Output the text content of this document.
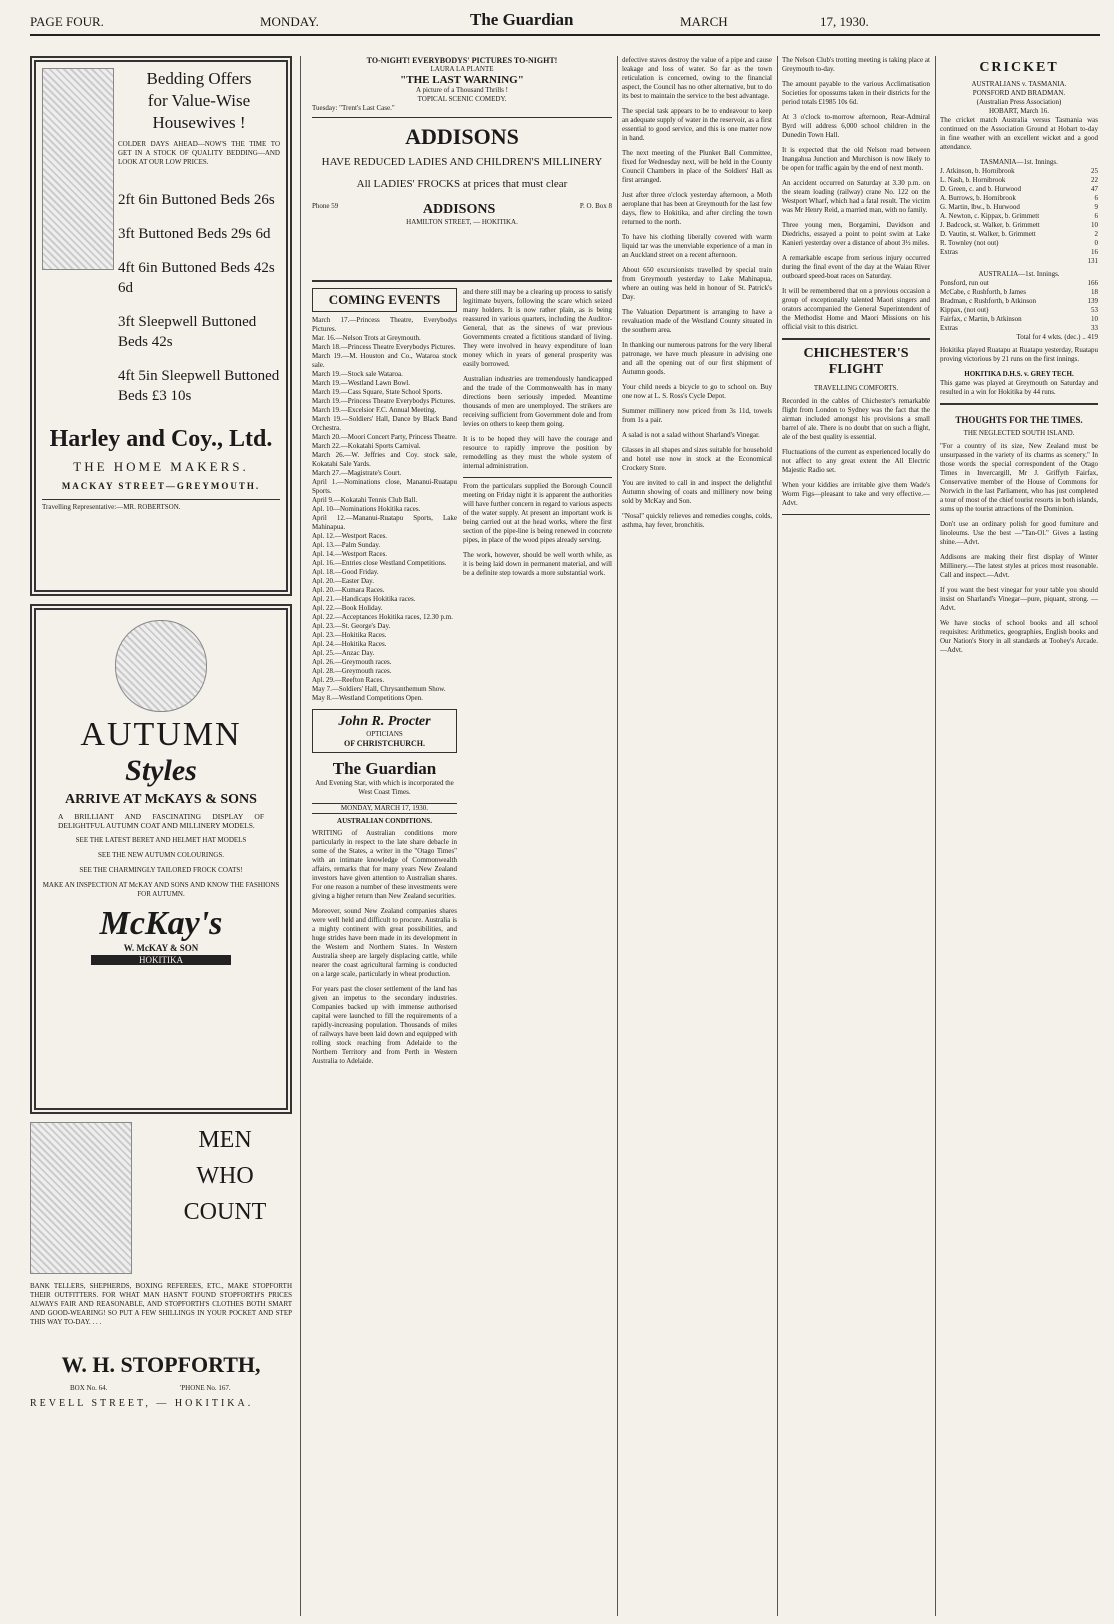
PAGE FOUR.	MONDAY.	The Guardian	MARCH	17, 1930.
Bedding Offers
for Value-Wise
Housewives !

COLDER DAYS AHEAD—NOW'S THE TIME TO GET IN A STOCK OF QUALITY BEDDING—AND LOOK AT OUR LOW PRICES.

2ft 6in Buttoned Beds 26s
3ft Buttoned Beds 29s 6d
4ft 6in Buttoned Beds 42s 6d
3ft Sleepwell Buttoned Beds 42s
4ft 5in Sleepwell Buttoned Beds £3 10s
Harley and Coy., Ltd.
THE HOME MAKERS.
MACKAY STREET—GREYMOUTH.
Travelling Representative:—MR. ROBERTSON.
AUTUMN
Styles
ARRIVE AT McKAYS & SONS

A BRILLIANT AND FASCINATING DISPLAY OF DELIGHTFUL AUTUMN COAT AND MILLINERY MODELS.

SEE THE LATEST BERET AND HELMET HAT MODELS

SEE THE NEW AUTUMN COLOURINGS.

SEE THE CHARMINGLY TAILORED FROCK COATS!

MAKE AN INSPECTION AT McKAY AND SONS AND KNOW THE FASHIONS FOR AUTUMN.

McKay's
W. McKAY & SON
HOKITIKA
MEN
WHO
COUNT

BANK TELLERS, SHEPHERDS, BOXING REFEREES, ETC., MAKE STOPFORTH THEIR OUTFITTERS. FOR WHAT MAN HASN'T FOUND STOPFORTH'S PRICES ALWAYS FAIR AND REASONABLE, AND STOPFORTH'S CLOTHES BOTH SMART AND GOOD-WEARING! SO PUT A FEW SHILLINGS IN YOUR POCKET AND STEP THIS WAY TO-DAY. . . .

W. H. STOPFORTH,
BOX No. 64.	'PHONE No. 167.
REVELL STREET, — HOKITIKA.
TO-NIGHT! EVERYBODYS' PICTURES TO-NIGHT!
LAURA LA PLANTE
"THE LAST WARNING"
A picture of a Thousand Thrills !
TOPICAL SCENIC COMEDY.
Tuesday: "Trent's Last Case."
ADDISONS
HAVE REDUCED LADIES AND CHILDREN'S MILLINERY
All LADIES' FROCKS at prices that must clear
Phone 59	ADDISONS	P. O. Box 8
HAMILTON STREET, — HOKITIKA.
COMING EVENTS

March 17.—Princess Theatre, Everybodys Pictures.

Mar. 16.—Nelson Trots at Greymouth.

March 18.—Princess Theatre Everybodys Pictures.

March 19.—M. Houston and Co., Wataroa stock sale.

March 19.—Stock sale Wataroa.

March 19.—Westland Lawn Bowl.

March 19.—Cass Square, State School Sports.

March 19.—Princess Theatre Everybodys Pictures.

March 19.—Excelsior F.C. Annual Meeting.

March 19.—Soldiers' Hall, Dance by Black Band Orchestra.

March 20.—Moori Concert Party, Princess Theatre.

March 22.—Kokatahi Sports Carnival.

March 26.—W. Jeffries and Coy. stock sale, Kokatahi Sale Yards.

March 27.—Magistrate's Court.

April 1.—Nominations close, Mananui-Ruatapu Sports.

April 9.—Kokatahi Tennis Club Ball.

Apl. 10—Nominations Hokitika races.

April 12.—Mananui-Ruatapu Sports, Lake Mahinapua.

Apl. 12.—Westport Races.

Apl. 13.—Palm Sunday.

Apl. 14.—Westport Races.

Apl. 16.—Entries close Westland Competitions.

Apl. 18.—Good Friday.

Apl. 20.—Easter Day.

Apl. 20.—Kumara Races.

Apl. 21.—Handicaps Hokitika races.

Apl. 22.—Book Holiday.

Apl. 22.—Acceptances Hokitika races, 12.30 p.m.

Apl. 23.—St. George's Day.

Apl. 23.—Hokitika Races.

Apl. 24.—Hokitika Races.

Apl. 25.—Anzac Day.

Apl. 26.—Greymouth races.

Apl. 28.—Greymouth races.

Apl. 29.—Reefton Races.

May 7.—Soldiers' Hall, Chrysanthemum Show.

May 8.—Westland Competitions Open.

John R. Procter
OPTICIANS
OF CHRISTCHURCH.
The Guardian

And Evening Star, with which is incorporated the West Coast Times.

MONDAY, MARCH 17, 1930.
AUSTRALIAN CONDITIONS.

WRITING of Australian conditions more particularly in respect to the late share debacle in some of the States, a writer in the "Otago Times" with an intimate knowledge of Commonwealth affairs, remarks that for many years New Zealand investors have given attention to Australian shares. For one reason a number of these investments were giving a higher return than New Zealand securities.

Moreover, sound New Zealand companies shares were well held and difficult to procure. Australia is a mighty continent with great possibilities, and huge strides have been made in its development in the Western and Northern States. In Western Australia sheep are largely displacing cattle, while nearer the coast agricultural farming is conducted on a large scale, particularly in wheat production.

For years past the closer settlement of the land has given an impetus to the secondary industries. Companies backed up with immense authorised capital were launched to fill the requirements of a rapidly-increasing population. Thousands of miles of railways have been laid down and equipped with rolling stock reaching from Adelaide to the Northern Territory and from Perth in Western Australia to Adelaide.

and there still may be a clearing up process to satisfy legitimate buyers, following the scare which seized many holders. It is now rather plain, as is being reassured in various quarters, including the Auditor-General, that as the sinews of war previous Governments created a fictitious standard of living. They were involved in heavy expenditure of loan money which in years of general prosperity was easily borrowed.

Australian industries are tremendously handicapped and the trade of the Commonwealth has in many directions been seriously impeded. Meantime thousands of men are unemployed. The strikers are receiving sufficient from Government dole and from levies on others to keep them going.

It is to be hoped they will have the courage and resource to rapidly improve the position by remodelling as they must the whole system of internal administration.

From the particulars supplied the Borough Council meeting on Friday night it is apparent the authorities will have further concern in regard to various aspects of the water supply. At present an important work is being carried out at the head works, where the first section of the pipe-line is being renewed in concrete pipes, in place of the wood pipes already serving.

The work, however, should be well worth while, as it is being laid down in permanent material, and will be a definite step towards a more substantial work.

defective staves destroy the value of a pipe and cause leakage and loss of water. So far as the town reticulation is concerned, owing to the financial aspect, the Council has no other alternative, but to do its best to maintain the service to the best advantage.

The special task appears to be to endeavour to keep an adequate supply of water in the reservoir, as a first essential to good service, and this is one matter now in hand.

The next meeting of the Plunket Ball Committee, fixed for Wednesday next, will be held in the County Council Chambers in place of the Soldiers' Hall as first arranged.

Just after three o'clock yesterday afternoon, a Moth aeroplane that has been at Greymouth for the last few days, flew to Hokitika, and after circling the town returned to the north.

To have his clothing liberally covered with warm liquid tar was the unenviable experience of a man in an Auckland street on a recent afternoon.

About 650 excursionists travelled by special train from Greymouth yesterday to Lake Mahinapua, where an outing was held in honour of St. Patrick's Day.

The Valuation Department is arranging to have a revaluation made of the Westland County situated in the southern area.

In thanking our numerous patrons for the very liberal patronage, we have much pleasure in advising one and all the opening out of our first shipment of Autumn goods.

Your child needs a bicycle to go to school on. Buy one now at L. S. Ross's Cycle Depot.

Summer millinery now priced from 3s 11d, towels from 1s a pair.

A salad is not a salad without Sharland's Vinegar.

Glasses in all shapes and sizes suitable for household and hotel use now in stock at the Economical Crockery Store.

You are invited to call in and inspect the delightful Autumn showing of coats and millinery now being sold by McKay and Son.

"Nosal" quickly relieves and remedies coughs, colds, asthma, hay fever, bronchitis.

The Nelson Club's trotting meeting is taking place at Greymouth to-day.

The amount payable to the various Acclimatisation Societies for opossums taken in their districts for the period totals £1985 10s 6d.

At 3 o'clock to-morrow afternoon, Rear-Admiral Byrd will address 6,000 school children in the Dunedin Town Hall.

It is expected that the old Nelson road between Inangahua Junction and Murchison is now likely to be open for traffic again by the end of next month.

An accident occurred on Saturday at 3.30 p.m. on the steam loading (railway) crane No. 122 on the Westport Wharf, which had a fatal result. The victim was Mr Henry Reid, a married man, with no family.

Three young men, Borgamini, Davidson and Diedrichs, essayed a point to point swim at Lake Kanieri yesterday over a distance of about 3½ miles.

A remarkable escape from serious injury occurred during the final event of the day at the Waiau River outboard speed-boat races on Saturday.

It will be remembered that on a previous occasion a group of exceptionally talented Maori singers and orators accompanied the General Superintendent of the Methodist Home and Maori Missions on his official visit to this district.

CHICHESTER'S FLIGHT
TRAVELLING COMFORTS.

Recorded in the cables of Chichester's remarkable flight from London to Sydney was the fact that the airman included amongst his provisions a small barrel of ale. There is no doubt that on such a flight, ale of the best quality is essential.

Fluctuations of the current as experienced locally do not affect to any great extent the All Electric Majestic Radio set.

When your kiddies are irritable give them Wade's Worm Figs—pleasant to take and very effective.—Advt.

CRICKET
AUSTRALIANS v. TASMANIA.
PONSFORD AND BRADMAN.
(Australian Press Association)
HOBART, March 16.

The cricket match Australia versus Tasmania was continued on the Association Ground at Hobart to-day in fine weather with an excellent wicket and a good attendance.

TASMANIA—1st. Innings.
J. Atkinson, b. Hornibrook	25
L. Nash, b. Hornibrook	22
D. Green, c. and b. Hurwood	47
A. Burrows, b. Hornibrook	6
G. Martin, lbw., b. Hurwood	9
A. Newton, c. Kippax, b. Grimmett	6
J. Badcock, st. Walker, b. Grimmett	10
D. Vautin, st. Walker, b. Grimmett	2
R. Townley (not out)	0
Extras	16
131
AUSTRALIA—1st. Innings.
Ponsford, run out	166
McCabe, c Rushforth, b James	18
Bradman, c Rushforth, b Atkinson	139
Kippax, (not out)	53
Fairfax, c Martin, b Atkinson	10
Extras	33
Total for 4 wkts. (dec.) .. 419

Hokitika played Ruatapu at Ruatapu yesterday, Ruatapu proving victorious by 21 runs on the first innings.

HOKITIKA D.H.S. v. GREY TECH.

This game was played at Greymouth on Saturday and resulted in a win for Hokitika by 44 runs.

THOUGHTS FOR THE TIMES.
THE NEGLECTED SOUTH ISLAND.

"For a country of its size, New Zealand must be unsurpassed in the variety of its charms as scenery." In those words the special correspondent of the Otago Times in Invercargill, Mr J. Griffyth Fairfax, Conservative member of the House of Commons for Norwich in the last Parliament, who has just completed a tour of most of the chief tourist resorts in both islands, sums up the tourist attractions of the Dominion.

Don't use an ordinary polish for good furniture and linoleums. Use the best —"Tan-Ol." Gives a lasting shine.—Advt.

Addisons are making their first display of Winter Millinery.—The latest styles at prices most reasonable. Call and inspect.—Advt.

If you want the best vinegar for your table you should insist on Sharland's Vinegar—pure, piquant, strong. —Advt.

We have stocks of school books and all school requisites: Arithmetics, geographies, English books and Our Nation's Story in all standards at Toohey's Arcade.—Advt.
